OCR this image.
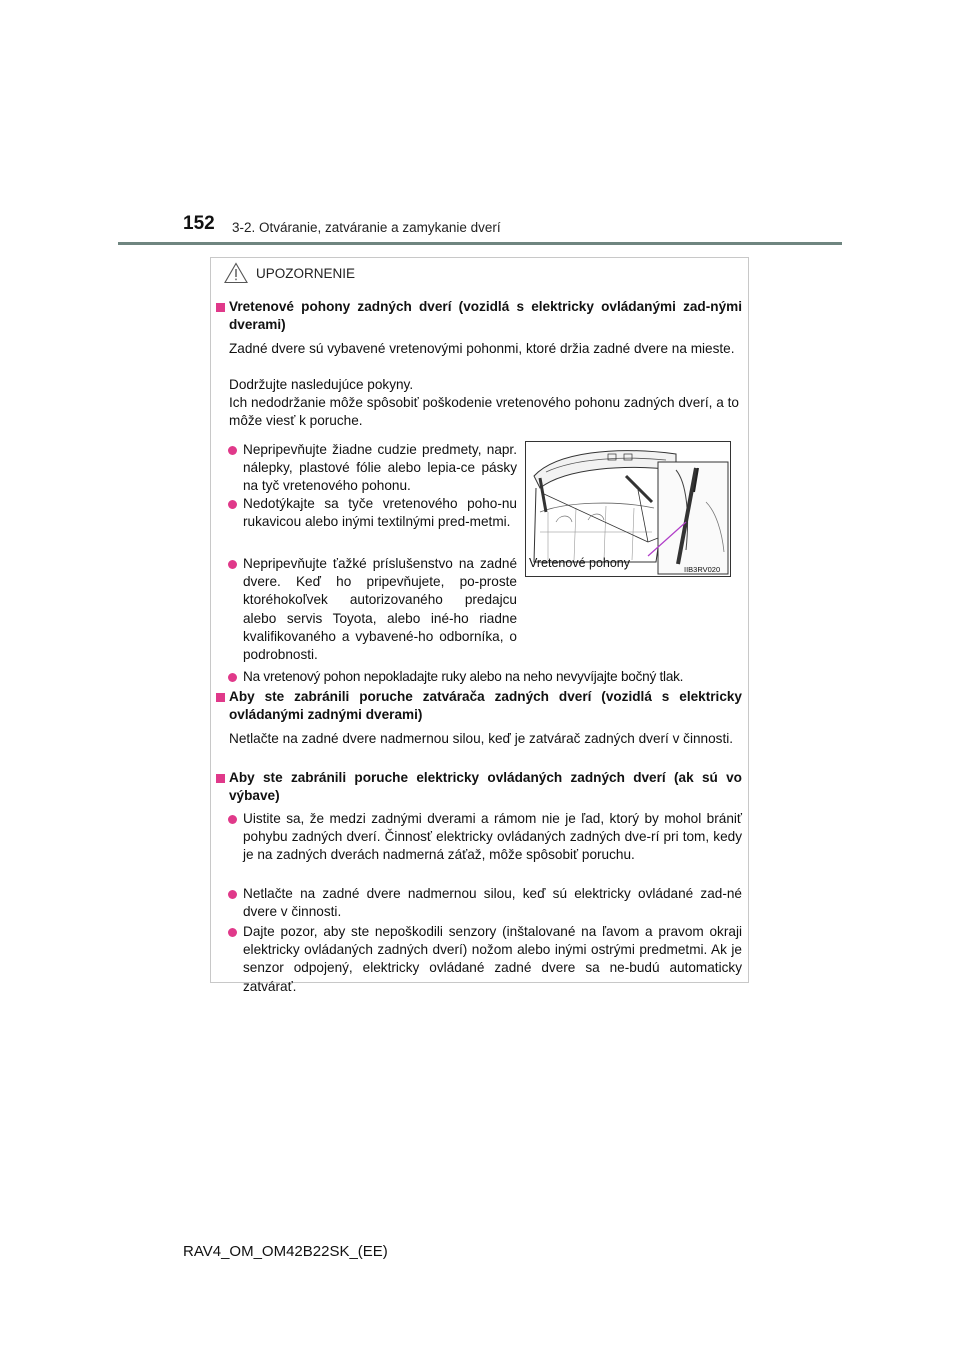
152 3-2. Otváranie, zatváranie a zamykanie dverí
UPOZORNENIE
Vretenové pohony zadných dverí (vozidlá s elektricky ovládanými zad-nými dverami)
Zadné dvere sú vybavené vretenovými pohonmi, ktoré držia zadné dvere na mieste.
Dodržujte nasledujúce pokyny.
Ich nedodržanie môže spôsobiť poškodenie vretenového pohonu zadných dverí, a to môže viesť k poruche.
Nepripevňujte žiadne cudzie predmety, napr. nálepky, plastové fólie alebo lepia-ce pásky na tyč vretenového pohonu.
Nedotýkajte sa tyče vretenového poho-nu rukavicou alebo inými textilnými pred-metmi.
Nepripevňujte ťažké príslušenstvo na zadné dvere. Keď ho pripevňujete, po-proste ktoréhokoľvek autorizovaného predajcu alebo servis Toyota, alebo iné-ho riadne kvalifikovaného a vybavené-ho odborníka, o podrobnosti.
Na vretenový pohon nepokladajte ruky alebo na neho nevyvíjajte bočný tlak.
Vretenové pohony	IIB3RV020
Aby ste zabránili poruche zatvárača zadných dverí (vozidlá s elektricky ovládanými zadnými dverami)
Netlačte na zadné dvere nadmernou silou, keď je zatvárač zadných dverí v činnosti.
Aby ste zabránili poruche elektricky ovládaných zadných dverí (ak sú vo výbave)
Uistite sa, že medzi zadnými dverami a rámom nie je ľad, ktorý by mohol brániť pohybu zadných dverí. Činnosť elektricky ovládaných zadných dve-rí pri tom, kedy je na zadných dverách nadmerná záťaž, môže spôsobiť poruchu.
Netlačte na zadné dvere nadmernou silou, keď sú elektricky ovládané zad-né dvere v činnosti.
Dajte pozor, aby ste nepoškodili senzory (inštalované na ľavom a pravom okraji elektricky ovládaných zadných dverí) nožom alebo inými ostrými predmetmi. Ak je senzor odpojený, elektricky ovládané zadné dvere sa ne-budú automaticky zatvárať.
RAV4_OM_OM42B22SK_(EE)
